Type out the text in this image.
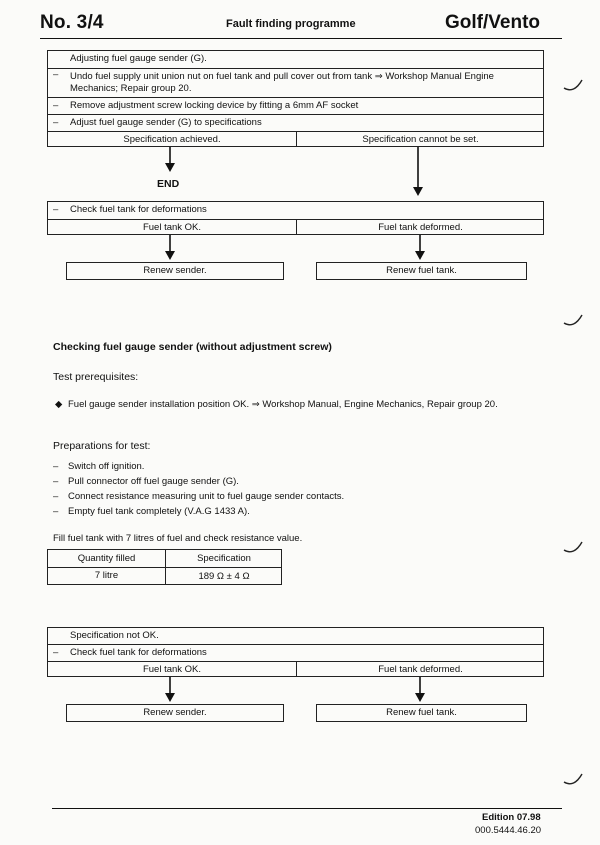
No. 3/4	Fault finding programme	Golf/Vento
Adjusting fuel gauge sender (G).
– Undo fuel supply unit union nut on fuel tank and pull cover out from tank ⇒ Workshop Manual Engine
Mechanics; Repair group 20.
– Remove adjustment screw locking device by fitting a 6mm AF socket
– Adjust fuel gauge sender (G) to specifications
Specification achieved.	Specification cannot be set.
END
– Check fuel tank for deformations
Fuel tank OK.	Fuel tank deformed.
Renew sender.	Renew fuel tank.
Checking fuel gauge sender (without adjustment screw)
Test prerequisites:
◆ Fuel gauge sender installation position OK. ⇒ Workshop Manual, Engine Mechanics, Repair group 20.
Preparations for test:
– Switch off ignition.
– Pull connector off fuel gauge sender (G).
– Connect resistance measuring unit to fuel gauge sender contacts.
– Empty fuel tank completely (V.A.G 1433 A).
Fill fuel tank with 7 litres of fuel and check resistance value.
Quantity filled	Specification
7 litre	189 Ω ± 4 Ω
Specification not OK.
– Check fuel tank for deformations
Fuel tank OK.	Fuel tank deformed.
Renew sender.	Renew fuel tank.
Edition 07.98
000.5444.46.20
